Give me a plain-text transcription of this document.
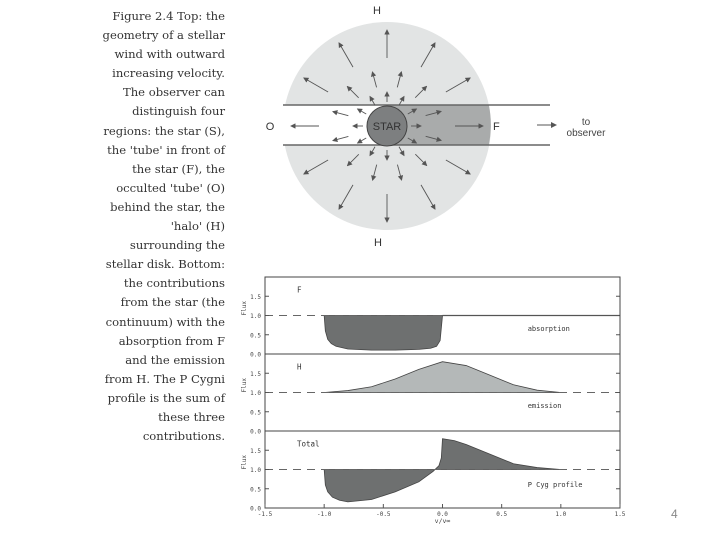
Figure 2.4 Top: the
geometry of a stellar
wind with outward
increasing velocity.
The observer can
distinguish four
regions: the star (S),
the 'tube' in front of
the star (F), the
occulted 'tube' (O)
behind the star, the
'halo' (H)
surrounding the
stellar disk. Bottom:
the contributions
from the star (the
continuum) with the
absorption from F
and the emission
from H. The P Cygni
profile is the sum of
these three
contributions.
STAR
H
H
O	F	to
observer
0.0
0.5
1.0
1.5
Flux
F
absorption
0.0
0.5
1.0
1.5
Flux
H
emission
0.0
0.5
1.0
1.5
Flux
Total
P Cyg profile
-1.5	-1.0	-0.5	0.0	0.5	1.0	1.5
v/v∞	4
